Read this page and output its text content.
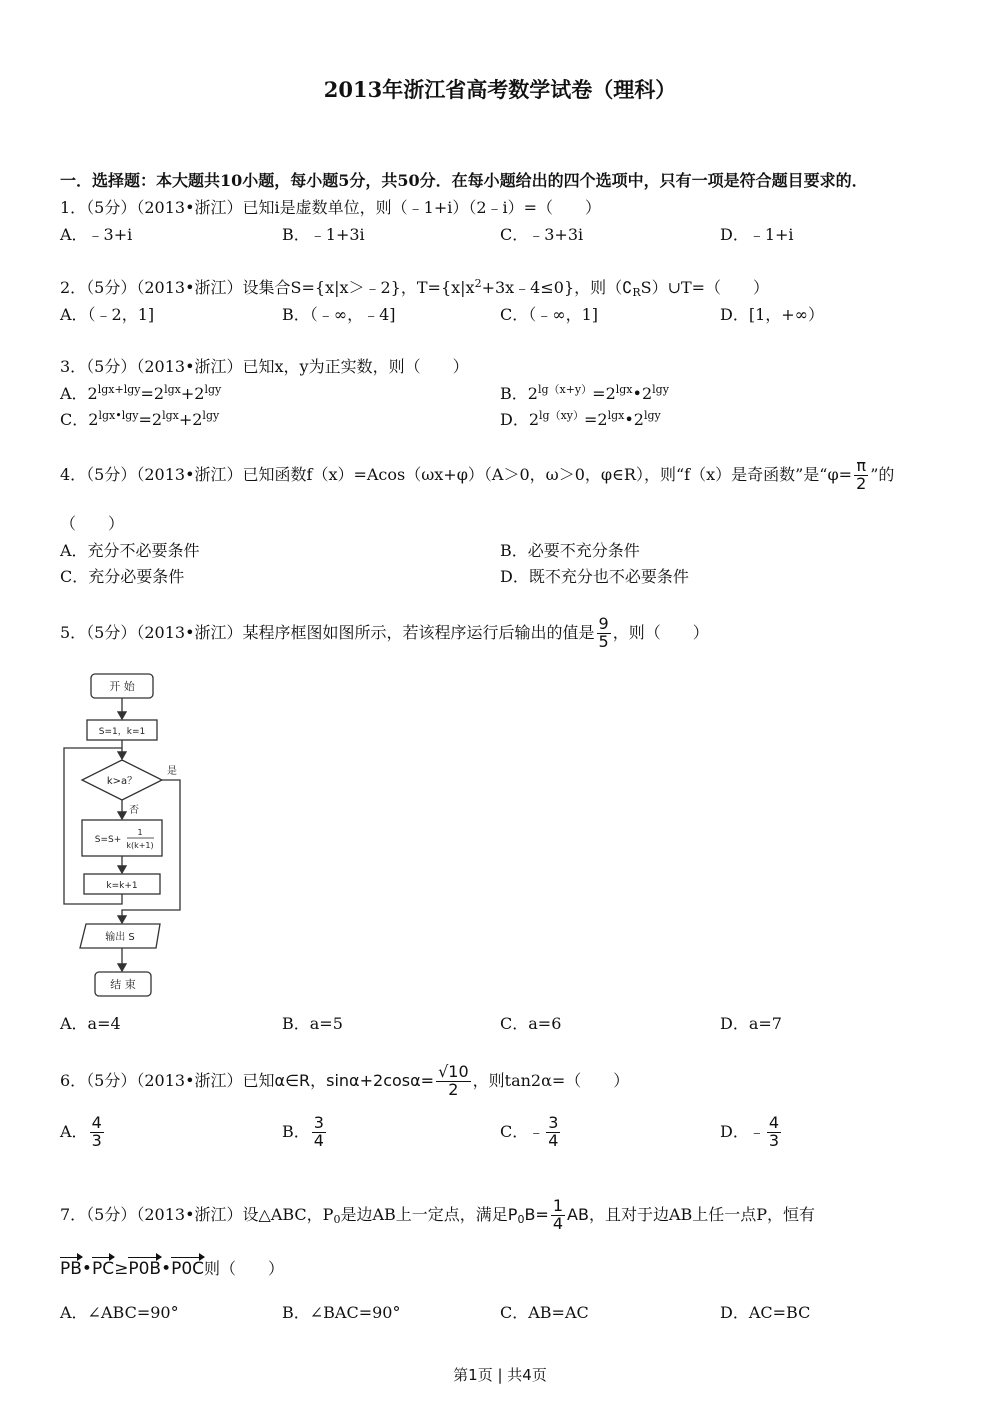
2013年浙江省高考数学试卷（理科）
一．选择题：本大题共10小题，每小题5分，共50分．在每小题给出的四个选项中，只有一项是符合题目要求的．
1．（5分）（2013•浙江）已知i是虚数单位，则（﹣1+i）（2﹣i）=（　　）
A．﹣3+i	B．﹣1+3i	C．﹣3+3i	D．﹣1+i
2．（5分）（2013•浙江）设集合S={x|x＞﹣2}，$T=\{x|x^2+3x﹣4\le 0\}$，则$(∁_RS)\cup T=$（　　）
A．（﹣2，1]	B．（﹣∞，﹣4]	C．（﹣∞，1]	D．[1，+∞）
3．（5分）（2013•浙江）已知x，y为正实数，则（　　）
A．$2^{lgx+lgy}=2^{lgx}+2^{lgy}$	B．$2^{lg(x+y)}=2^{lgx}•2^{lgy}$
C．$2^{lgx•lgy}=2^{lgx}+2^{lgy}$	D．$2^{lg(xy)}=2^{lgx}•2^{lgy}$
4．（5分）（2013•浙江）已知函数f（x）=Acos（ωx+φ）（A＞0，ω＞0，φ∈R），则“f（x）是奇函数”是“$\varphi= \frac{\pi}{2}$ ”的
（　　）
A．充分不必要条件	B．必要不充分条件
C．充分必要条件	D．既不充分也不必要条件
5．（5分）（2013•浙江）某程序框图如图所示，若该程序运行后输出的值是 $\frac{9}{5}$ ，则（　　）
开 始
S=1，k=1
k>a？
是
否
S=S+
1
k(k+1)
k=k+1
输出 S
结 束
A．a=4	B．a=5	C．a=6	D．a=7
6．（5分）（2013•浙江）已知α∈R，$\sin\alpha+2\cos\alpha= \frac{√10}{2}$ ，则tan2α=（　　）
A． $\frac{4}{3}$	B． $\frac{3}{4}$	C．﹣ $\frac{3}{4}$	D．﹣ $\frac{4}{3}$
7．（5分）（2013•浙江）设△ABC，$P_0$是边AB上一定点，满足$P_0B= \frac{1}{4}$ AB，且对于边AB上任一点P，恒有
PB•PC≥P0B•P0C则（　　）
A．∠ABC=90°	B．∠BAC=90°	C．AB=AC	D．AC=BC
第1页 | 共4页
